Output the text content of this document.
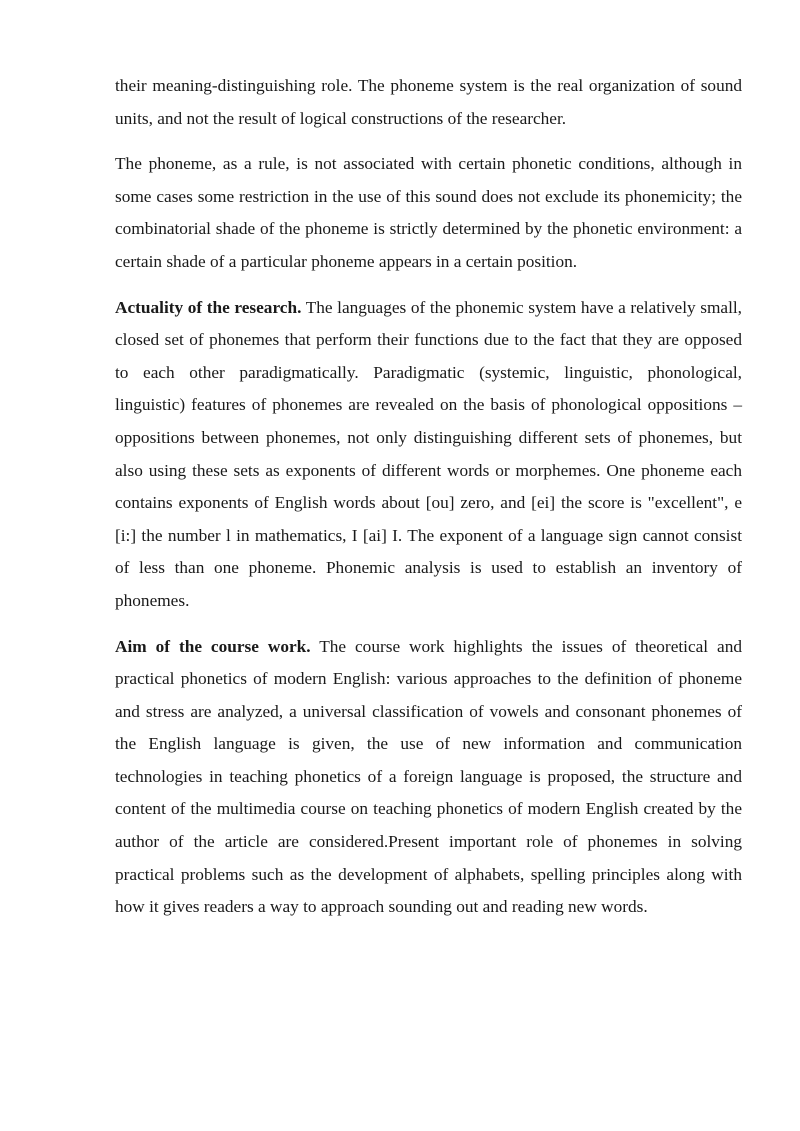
their meaning-distinguishing role. The phoneme system is the real organization of sound units, and not the result of logical constructions of the researcher.

The phoneme, as a rule, is not associated with certain phonetic conditions, although in some cases some restriction in the use of this sound does not exclude its phonemicity; the combinatorial shade of the phoneme is strictly determined by the phonetic environment: a certain shade of a particular phoneme appears in a certain position.

Actuality of the research. The languages of the phonemic system have a relatively small, closed set of phonemes that perform their functions due to the fact that they are opposed to each other paradigmatically. Paradigmatic (systemic, linguistic, phonological, linguistic) features of phonemes are revealed on the basis of phonological oppositions – oppositions between phonemes, not only distinguishing different sets of phonemes, but also using these sets as exponents of different words or morphemes. One phoneme each contains exponents of English words about [ou] zero, and [ei] the score is "excellent", e [i:] the number l in mathematics, I [ai] I. The exponent of a language sign cannot consist of less than one phoneme. Phonemic analysis is used to establish an inventory of phonemes.

Aim of the course work. The course work highlights the issues of theoretical and practical phonetics of modern English: various approaches to the definition of phoneme and stress are analyzed, a universal classification of vowels and consonant phonemes of the English language is given, the use of new information and communication technologies in teaching phonetics of a foreign language is proposed, the structure and content of the multimedia course on teaching phonetics of modern English created by the author of the article are considered.Present important role of phonemes in solving practical problems such as the development of alphabets, spelling principles along with how it gives readers a way to approach sounding out and reading new words.
